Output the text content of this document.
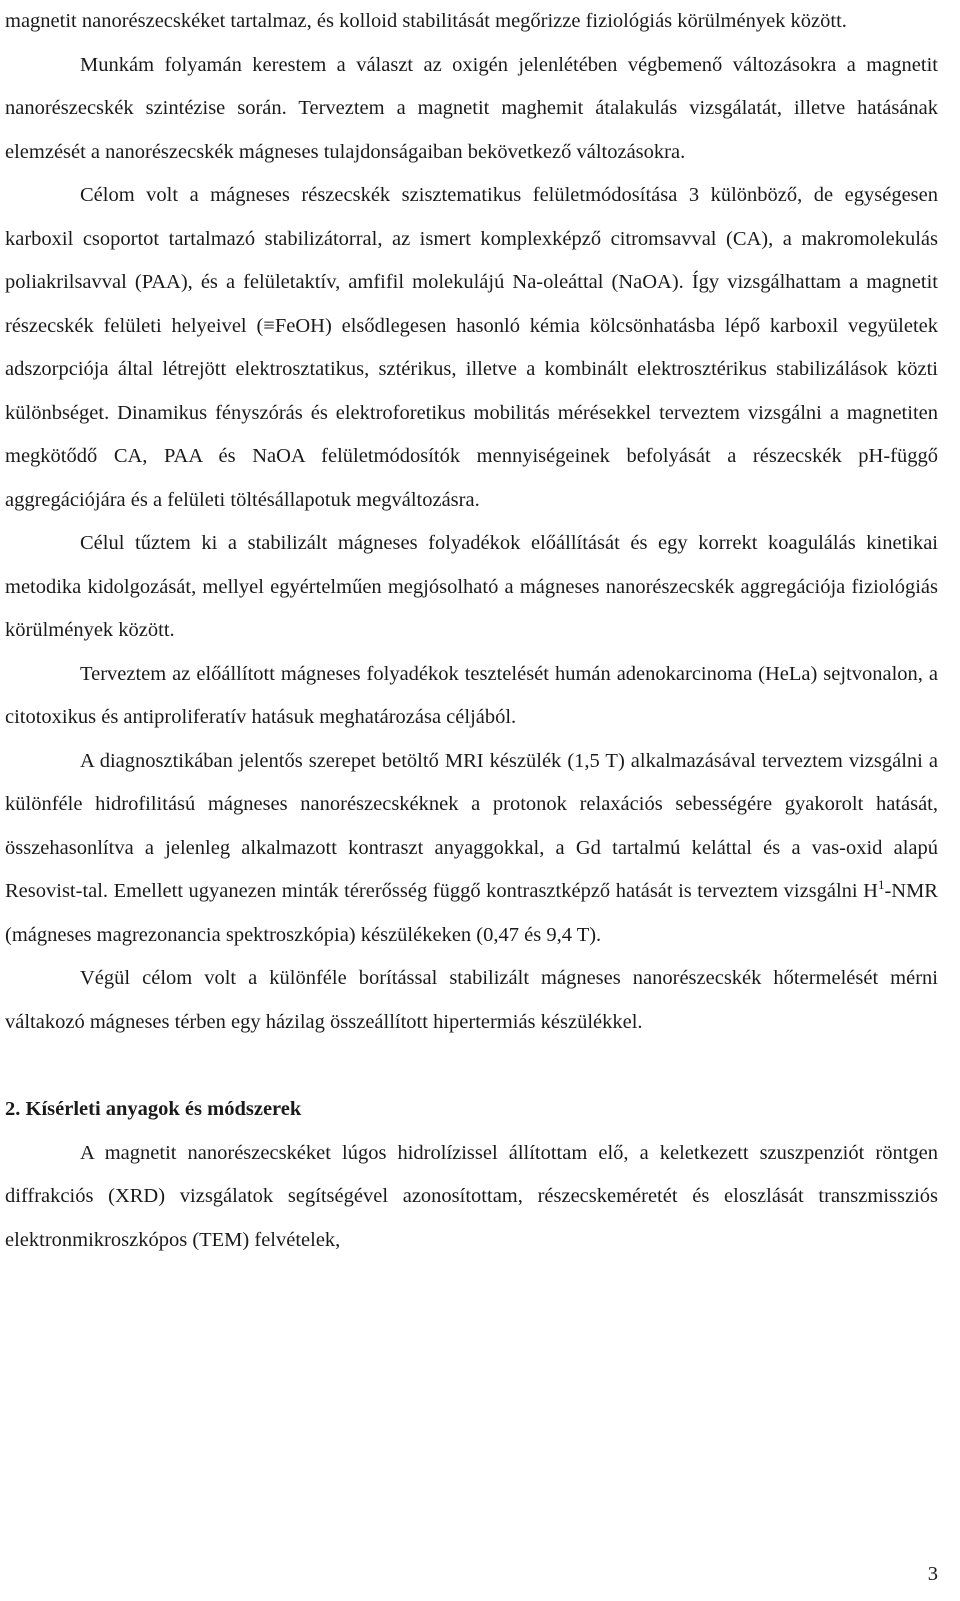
magnetit nanorészecskéket tartalmaz, és kolloid stabilitását megőrizze fiziológiás körülmények között.

Munkám folyamán kerestem a választ az oxigén jelenlétében végbemenő változásokra a magnetit nanorészecskék szintézise során. Terveztem a magnetit maghemit átalakulás vizsgálatát, illetve hatásának elemzését a nanorészecskék mágneses tulajdonságaiban bekövetkező változásokra.

Célom volt a mágneses részecskék szisztematikus felületmódosítása 3 különböző, de egységesen karboxil csoportot tartalmazó stabilizátorral, az ismert komplexképző citromsavval (CA), a makromolekulás poliakrilsavval (PAA), és a felületaktív, amfifil molekulájú Na-oleáttal (NaOA). Így vizsgálhattam a magnetit részecskék felületi helyeivel (≡FeOH) elsődlegesen hasonló kémia kölcsönhatásba lépő karboxil vegyületek adszorpciója által létrejött elektrosztatikus, sztérikus, illetve a kombinált elektrosztérikus stabilizálások közti különbséget. Dinamikus fényszórás és elektroforetikus mobilitás mérésekkel terveztem vizsgálni a magnetiten megkötődő CA, PAA és NaOA felületmódosítók mennyiségeinek befolyását a részecskék pH-függő aggregációjára és a felületi töltésállapotuk megváltozásra.

Célul tűztem ki a stabilizált mágneses folyadékok előállítását és egy korrekt koagulálás kinetikai metodika kidolgozását, mellyel egyértelműen megjósolható a mágneses nanorészecskék aggregációja fiziológiás körülmények között.

Terveztem az előállított mágneses folyadékok tesztelését humán adenokarcinoma (HeLa) sejtvonalon, a citotoxikus és antiproliferatív hatásuk meghatározása céljából.

A diagnosztikában jelentős szerepet betöltő MRI készülék (1,5 T) alkalmazásával terveztem vizsgálni a különféle hidrofilitású mágneses nanorészecskéknek a protonok relaxációs sebességére gyakorolt hatását, összehasonlítva a jelenleg alkalmazott kontraszt anyaggokkal, a Gd tartalmú keláttal és a vas-oxid alapú Resovist-tal. Emellett ugyanezen minták térerősség függő kontrasztképző hatását is terveztem vizsgálni $H^1$-NMR (mágneses magrezonancia spektroszkópia) készülékeken (0,47 és 9,4 T).

Végül célom volt a különféle borítással stabilizált mágneses nanorészecskék hőtermelését mérni váltakozó mágneses térben egy házilag összeállított hipertermiás készülékkel.

2. Kísérleti anyagok és módszerek

A magnetit nanorészecskéket lúgos hidrolízissel állítottam elő, a keletkezett szuszpenziót röntgen diffrakciós (XRD) vizsgálatok segítségével azonosítottam, részecskeméretét és eloszlását transzmissziós elektronmikroszkópos (TEM) felvételek,

3
